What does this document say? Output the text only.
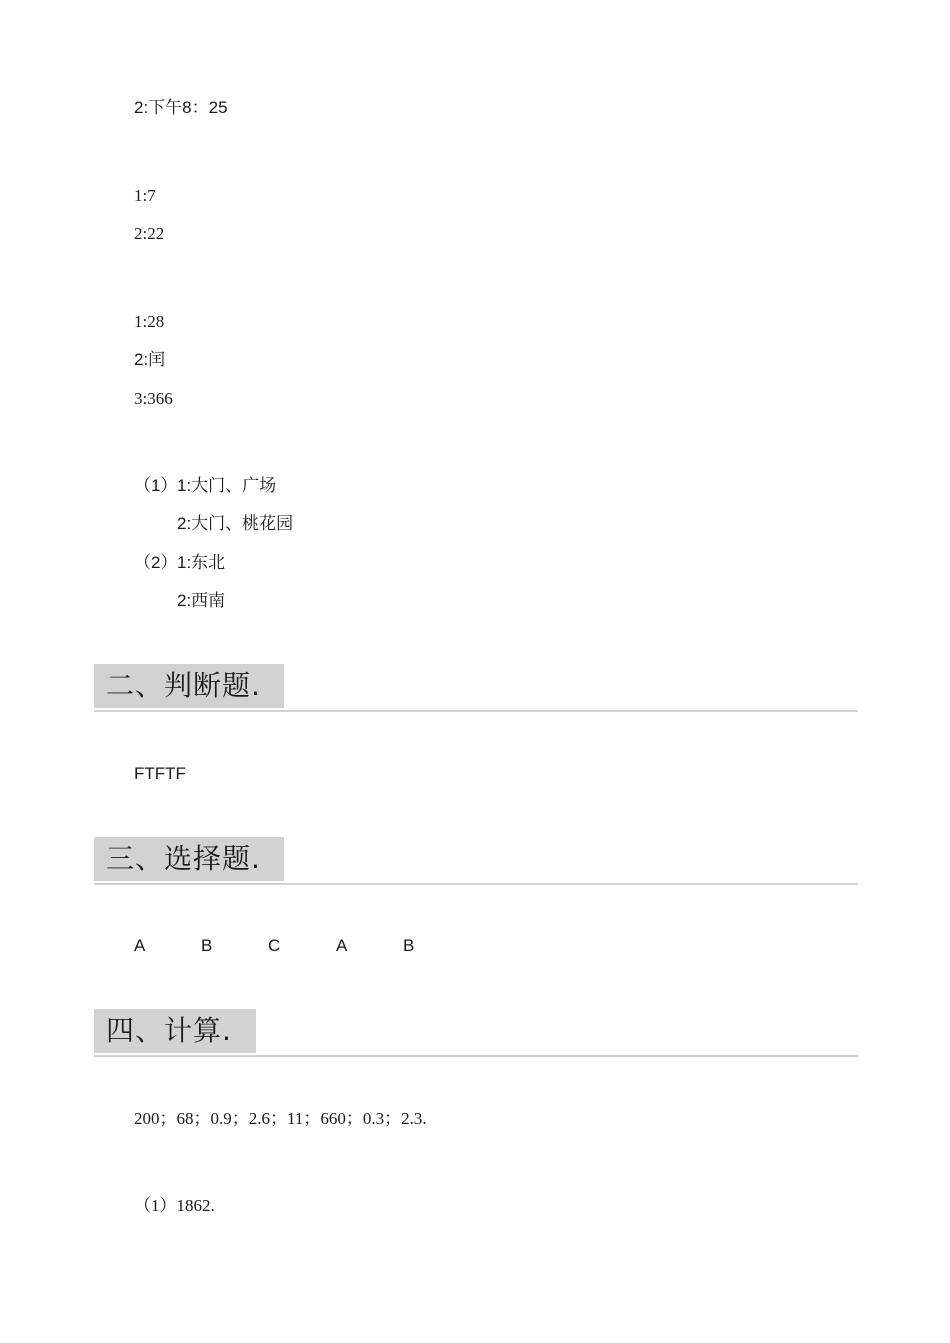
2:下午8：25
1:7
2:22
1:28
2:闰
3:366
（1） 1:大门、广场
2:大门、桃花园
（2） 1:东北
2:西南
二、判断题.
FTFTF
三、选择题.
A	B	C	A	B
四、计算.
200；68；0.9；2.6；11；660；0.3；2.3.
（1）1862.
